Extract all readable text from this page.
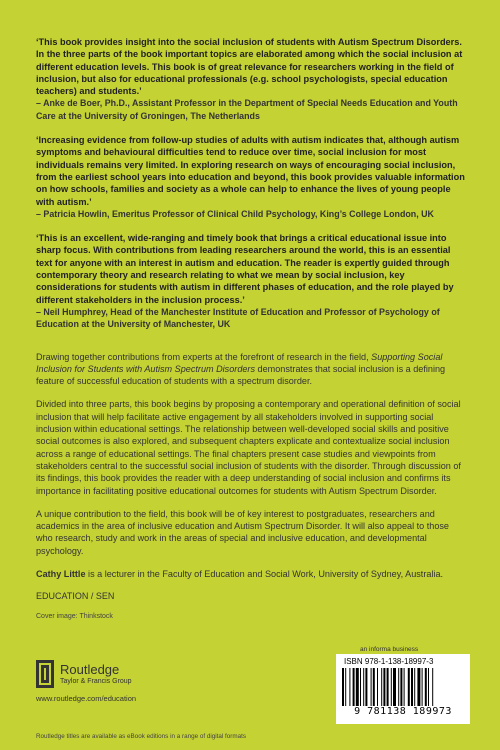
‘This book provides insight into the social inclusion of students with Autism Spectrum Disorders. In the three parts of the book important topics are elaborated among which the social inclusion at different education levels. This book is of great relevance for researchers working in the field of inclusion, but also for educational professionals (e.g. school psychologists, special education teachers) and students.’

– Anke de Boer, Ph.D., Assistant Professor in the Department of Special Needs Education and Youth Care at the University of Groningen, The Netherlands

‘Increasing evidence from follow-up studies of adults with autism indicates that, although autism symptoms and behavioural difficulties tend to reduce over time, social inclusion for most individuals remains very limited. In exploring research on ways of encouraging social inclusion, from the earliest school years into education and beyond, this book provides valuable information on how schools, families and society as a whole can help to enhance the lives of young people with autism.’

– Patricia Howlin, Emeritus Professor of Clinical Child Psychology, King’s College London, UK

‘This is an excellent, wide-ranging and timely book that brings a critical educational issue into sharp focus. With contributions from leading researchers around the world, this is an essential text for anyone with an interest in autism and education. The reader is expertly guided through contemporary theory and research relating to what we mean by social inclusion, key considerations for students with autism in different phases of education, and the role played by different stakeholders in the inclusion process.’

– Neil Humphrey, Head of the Manchester Institute of Education and Professor of Psychology of Education at the University of Manchester, UK

Drawing together contributions from experts at the forefront of research in the field, Supporting Social Inclusion for Students with Autism Spectrum Disorders demonstrates that social inclusion is a defining feature of successful education of students with a spectrum disorder.

Divided into three parts, this book begins by proposing a contemporary and operational definition of social inclusion that will help facilitate active engagement by all stakeholders involved in supporting social inclusion within educational settings. The relationship between well-developed social skills and positive social outcomes is also explored, and subsequent chapters explicate and contextualize social inclusion across a range of educational settings. The final chapters present case studies and viewpoints from stakeholders central to the successful social inclusion of students with the disorder. Through discussion of its findings, this book provides the reader with a deep understanding of social inclusion and confirms its importance in facilitating positive educational outcomes for students with Autism Spectrum Disorder.

A unique contribution to the field, this book will be of key interest to postgraduates, researchers and academics in the area of inclusive education and Autism Spectrum Disorder. It will also appeal to those who research, study and work in the areas of special and inclusive education, and developmental psychology.

Cathy Little is a lecturer in the Faculty of Education and Social Work, University of Sydney, Australia.

EDUCATION / SEN

Cover image: Thinkstock

Routledge
Taylor & Francis Group
www.routledge.com/education
Routledge titles are available as eBook editions in a range of digital formats
an informa business
ISBN 978-1-138-18997-3
9 781138 189973
